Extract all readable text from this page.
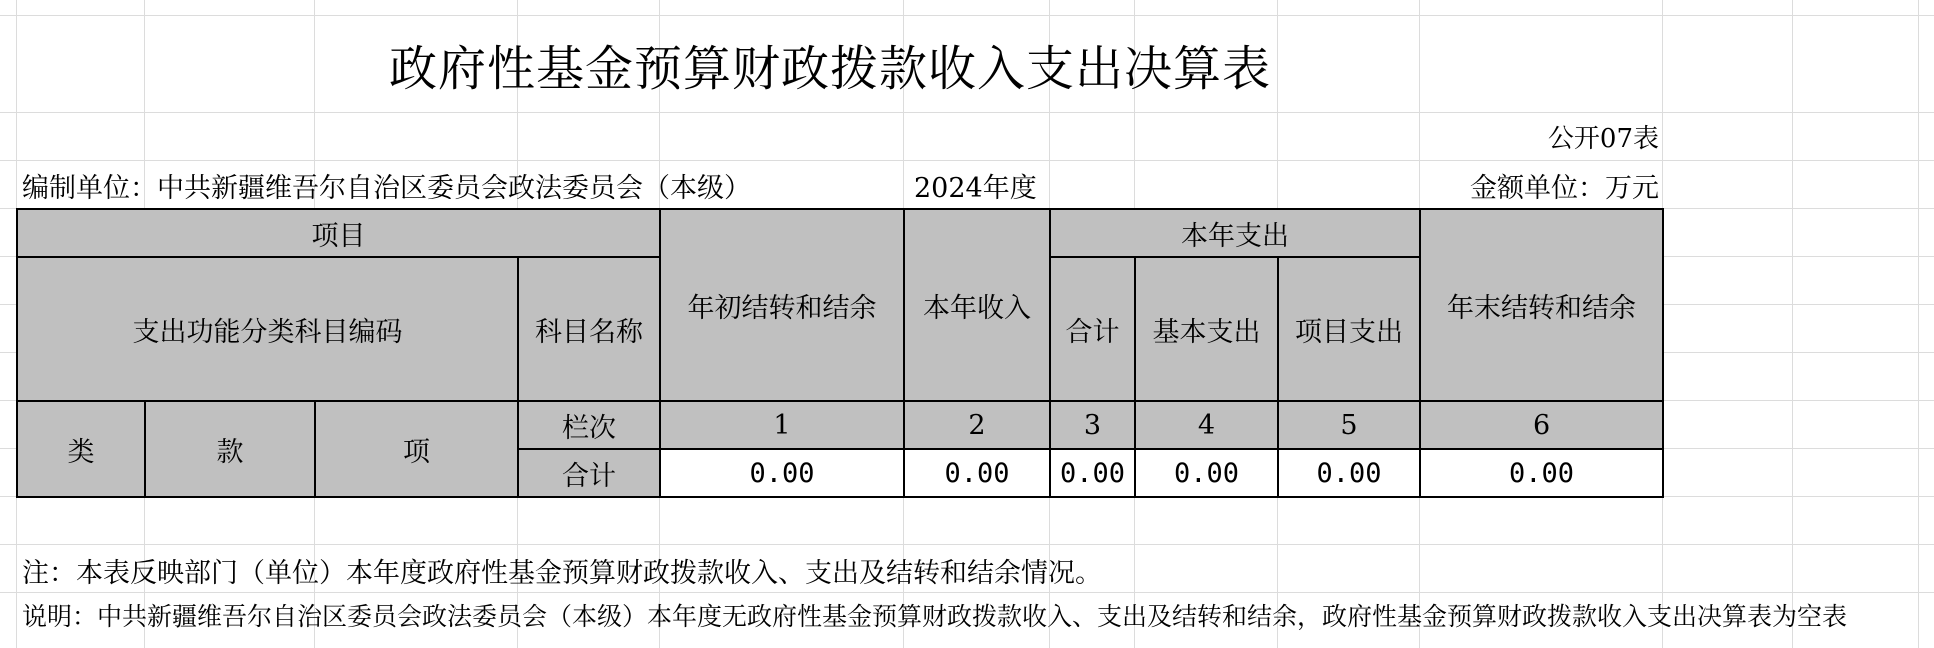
政府性基金预算财政拨款收入支出决算表
公开07表
编制单位：中共新疆维吾尔自治区委员会政法委员会（本级）	2024年度	金额单位：万元
项目				年初结转和结余	本年收入	本年支出			年末结转和结余
支出功能分类科目编码			科目名称			合计	基本支出	项目支出	

类	款	项	栏次	1	2	3	4	5	6
			合计	0.00	0.00	0.00	0.00	0.00	0.00
注：本表反映部门（单位）本年度政府性基金预算财政拨款收入、支出及结转和结余情况。
说明：中共新疆维吾尔自治区委员会政法委员会（本级）本年度无政府性基金预算财政拨款收入、支出及结转和结余，政府性基金预算财政拨款收入支出决算表为空表
